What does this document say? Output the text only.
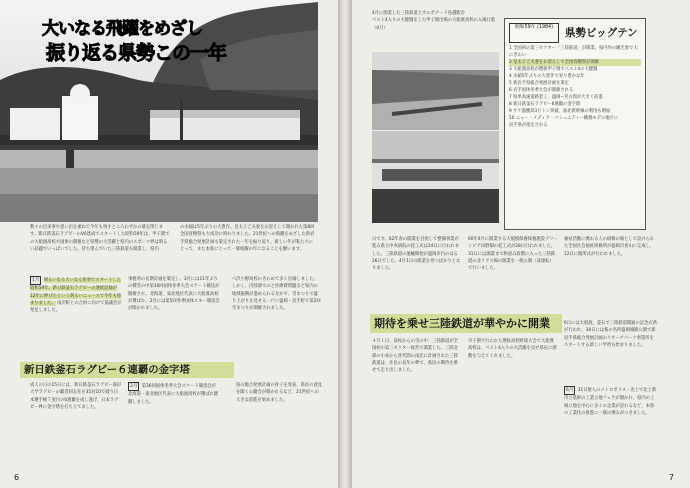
大いなる飛躍をめざし
振り返る県勢この一年
数々の出来事や思い出を重ねて今年も残すところわずかの幕を閉じます。新日鉄釜石ラグビーのV6達成でスタートした昭和59年は、甲子園での大船渡高校や国体の開催など県勢の大活躍と県内のスポーツ界は明るい話題でいっぱいでした。待ち望んでいた三陸鉄道も開業し、県内
の水稲は5年ぶりの大豊作。皇太子ご夫妻をお迎えして開かれた第8回全国育樹祭も大成功に終わりました。21世紀への飛躍をめざした新岩手県総合発展計画も策定された一年を振り返り、新しい年が私たちにとって、また本県にとって一層飛躍の年になることを願います。
1月 明るいなる大いなる快挙でスタートした昭和59年。新日鉄釜石ラグビーの連続記録が12年に伸びたという明るいニュースで今年も始まりました。 南沢町との合併に向けて協議会が発足しました。
新日鉄釜石ラグビー６連覇の金字塔
成人の日の15日には、新日鉄釜石ラグビー部が大学ラグビーの覇者同志社を35対10で破り日本選手権７度目の6連覇を成し遂げ、日本ラグビー界に金字塔を打ち立てました。
事務所の長期計画を策定し、3月には11年ぶりの積雪の中第36回国体冬季大会スケート競技が開催され、北海道、東北地区代表に大船渡高校が選ばれ、2月には第5回冬季国体スキー競技会が開かれました。
2月 第36回国体冬季大会スケート競技会が北海道・東北地区代表に大船渡高校が選ばれ健闘しました。
べ沢小野高校のきわめて多く出場しました。しかし、内陸部でのと医療費問題など県内の地域振興が進められるなかで、雪まつりで盛り上がりを見せる一戸に盛岡・岩手町で第2回雪まつりが開催されました。
県の総合発展計画の骨子を発表、県民の意見を聞く公聴会が開かれるなど、21世紀への大きな前進を始めました。
6
4月に開業した三陸鉄道とカルポナード島越駅舎
ベスト4入りの大健闘をした甲子園出場の大船渡高校の入場行進（4月）	昭和59年 (1984)	県勢ビッグテン
1 全国初の第三セクター「三陸鉄道」が開業。県内外の観光客で大にぎわい
2 皇太子ご夫妻をお迎えして全国育樹祭が開催
3 大船渡高校が選抜甲子園でベスト4の大健闘
4 水稲5年ぶりの大豊作で実り豊かな年
5 新岩手県総合発展計画を策定
6 岩手国体冬季大会が開催される
7 県単高速道路着工、盛岡−宮古間が大きく前進
8 新日鉄釜石ラグビー6連覇の金字塔
9 サケ漁獲高3万トン突破、東北新幹線の利用も増加
10 ニュー・メディア・コミュニティー構想モデル地区に
岩手県が指定される
日です。62年春の開業を目指して整備事業が進み県立中央病院の起工式は24日に行われました。三陸鉄道の運輸開始が盛岡市内のはる26日でした。4月1日の開業を待つばかりとなりました。
60年4月に開業する大規模保養保養施設グリーンピア田野畑の起工式が28日行われました。31日には開業まで秒読み段階に入った三陸鉄道の北リアス線の開業を一般公開（試運転）で行いました。
福祉活動に携わる人の研修の場として設けられた全国社会福祉研修所が盛岡市喜山に完成し、12日に開所式が行われました。
期待を乗せ三陸鉄道が華やかに開業
４月１日、前夜からの雪の中、三陸鉄道が全国初の第三セクター経営で開業した。三陸北部の小本から普代間の南北に計画された三陸鉄道は、住民の長年の夢で、県民の期待を乗せて走り出しました。
早子園で行われた選抜高校野球大会で大船渡高校は、ベスト4入りの大活躍を見せ県民に感動を与えてくれました。
6日には大船渡、釜石で三陸鉄道開通の記念式典が行われ、30日には桜の名所盛岡城跡公園で新岩手県総合発展計画のリサーチパーク事業所をスタートする新しい学習も始まりました。
6月 31日無人のメトロポリス・北上で北上新市立基幹の工業立地フェアが開かれ、県内の工場立地を中心に多くの企業が訪れるなど、本県の工業化の推進に一層の弾みがつきました。
7
